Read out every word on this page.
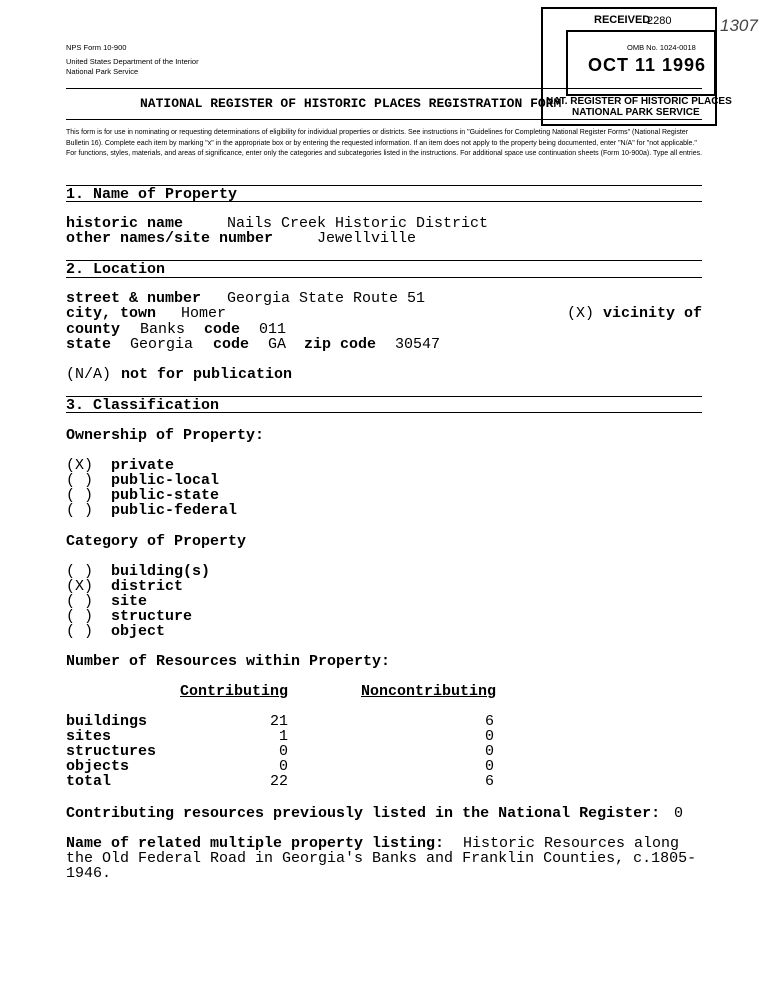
NPS Form 10-900
United States Department of the Interior
National Park Service
OMB No. 1024-0018
NATIONAL REGISTER OF HISTORIC PLACES REGISTRATION FORM
This form is for use in nominating or requesting determinations of eligibility for individual properties or districts. See instructions in "Guidelines for Completing National Register Forms" (National Register Bulletin 16). Complete each item by marking "x" in the appropriate box or by entering the requested information. If an item does not apply to the property being documented, enter "N/A" for "not applicable." For functions, styles, materials, and areas of significance, enter only the categories and subcategories listed in the instructions. For additional space use continuation sheets (Form 10-900a). Type all entries.
RECEIVED
2280
OCT 11 1996
NAT. REGISTER OF HISTORIC PLACES
NATIONAL PARK SERVICE
1307
1. Name of Property
historic name	Nails Creek Historic District
other names/site number	Jewellville
2. Location
street & number Georgia State Route 51
city, town Homer	(X) vicinity of
county Banks code 011
state Georgia code GA zip code 30547
(N/A) not for publication
3. Classification
Ownership of Property:
(X) private
( ) public-local
( ) public-state
( ) public-federal
Category of Property
( ) building(s)
(X) district
( ) site
( ) structure
( ) object
Number of Resources within Property:
Contributing	Noncontributing
buildings	21	6
sites	1	0
structures	0	0
objects	0	0
total	22	6
Contributing resources previously listed in the National Register: 0
Name of related multiple property listing: Historic Resources along
the Old Federal Road in Georgia's Banks and Franklin Counties, c.1805-
1946.
